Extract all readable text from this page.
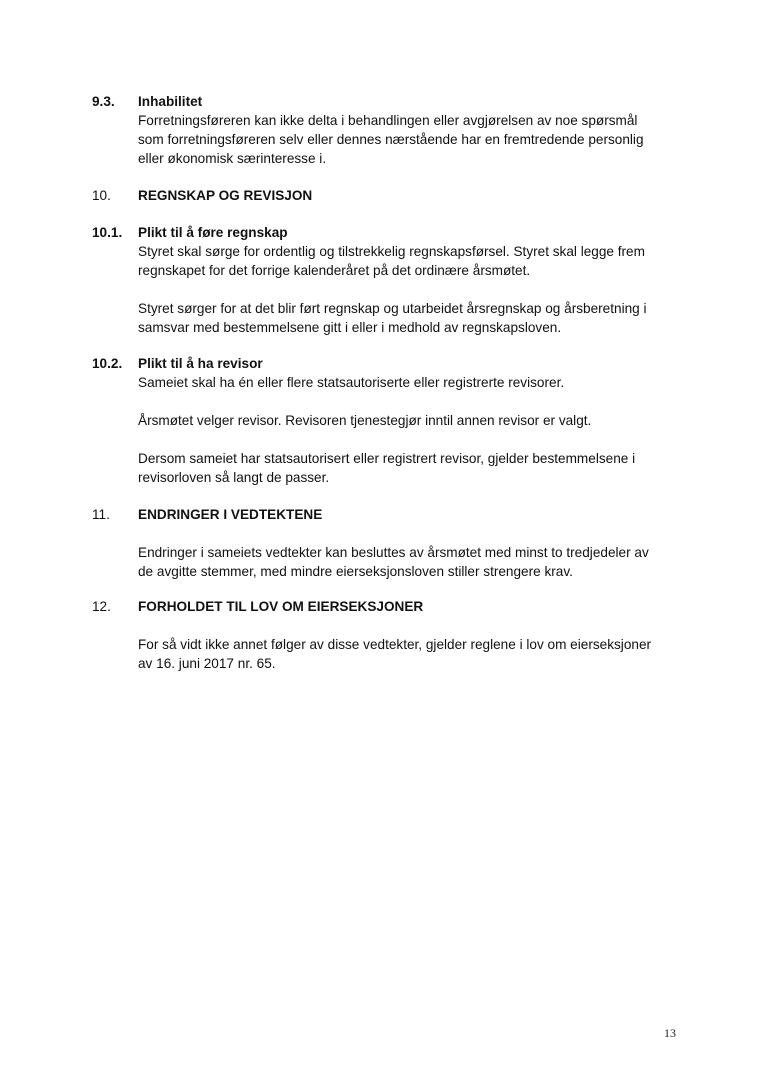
9.3.	Inhabilitet
Forretningsføreren kan ikke delta i behandlingen eller avgjørelsen av noe spørsmål
som forretningsføreren selv eller dennes nærstående har en fremtredende personlig
eller økonomisk særinteresse i.
10.	REGNSKAP OG REVISJON
10.1.	Plikt til å føre regnskap
Styret skal sørge for ordentlig og tilstrekkelig regnskapsførsel. Styret skal legge frem
regnskapet for det forrige kalenderåret på det ordinære årsmøtet.
Styret sørger for at det blir ført regnskap og utarbeidet årsregnskap og årsberetning i
samsvar med bestemmelsene gitt i eller i medhold av regnskapsloven.
10.2.	Plikt til å ha revisor
Sameiet skal ha én eller flere statsautoriserte eller registrerte revisorer.
Årsmøtet velger revisor. Revisoren tjenestegjør inntil annen revisor er valgt.
Dersom sameiet har statsautorisert eller registrert revisor, gjelder bestemmelsene i
revisorloven så langt de passer.
11.	ENDRINGER I VEDTEKTENE
Endringer i sameiets vedtekter kan besluttes av årsmøtet med minst to tredjedeler av
de avgitte stemmer, med mindre eierseksjonsloven stiller strengere krav.
12.	FORHOLDET TIL LOV OM EIERSEKSJONER
For så vidt ikke annet følger av disse vedtekter, gjelder reglene i lov om eierseksjoner
av 16. juni 2017 nr. 65.
13
